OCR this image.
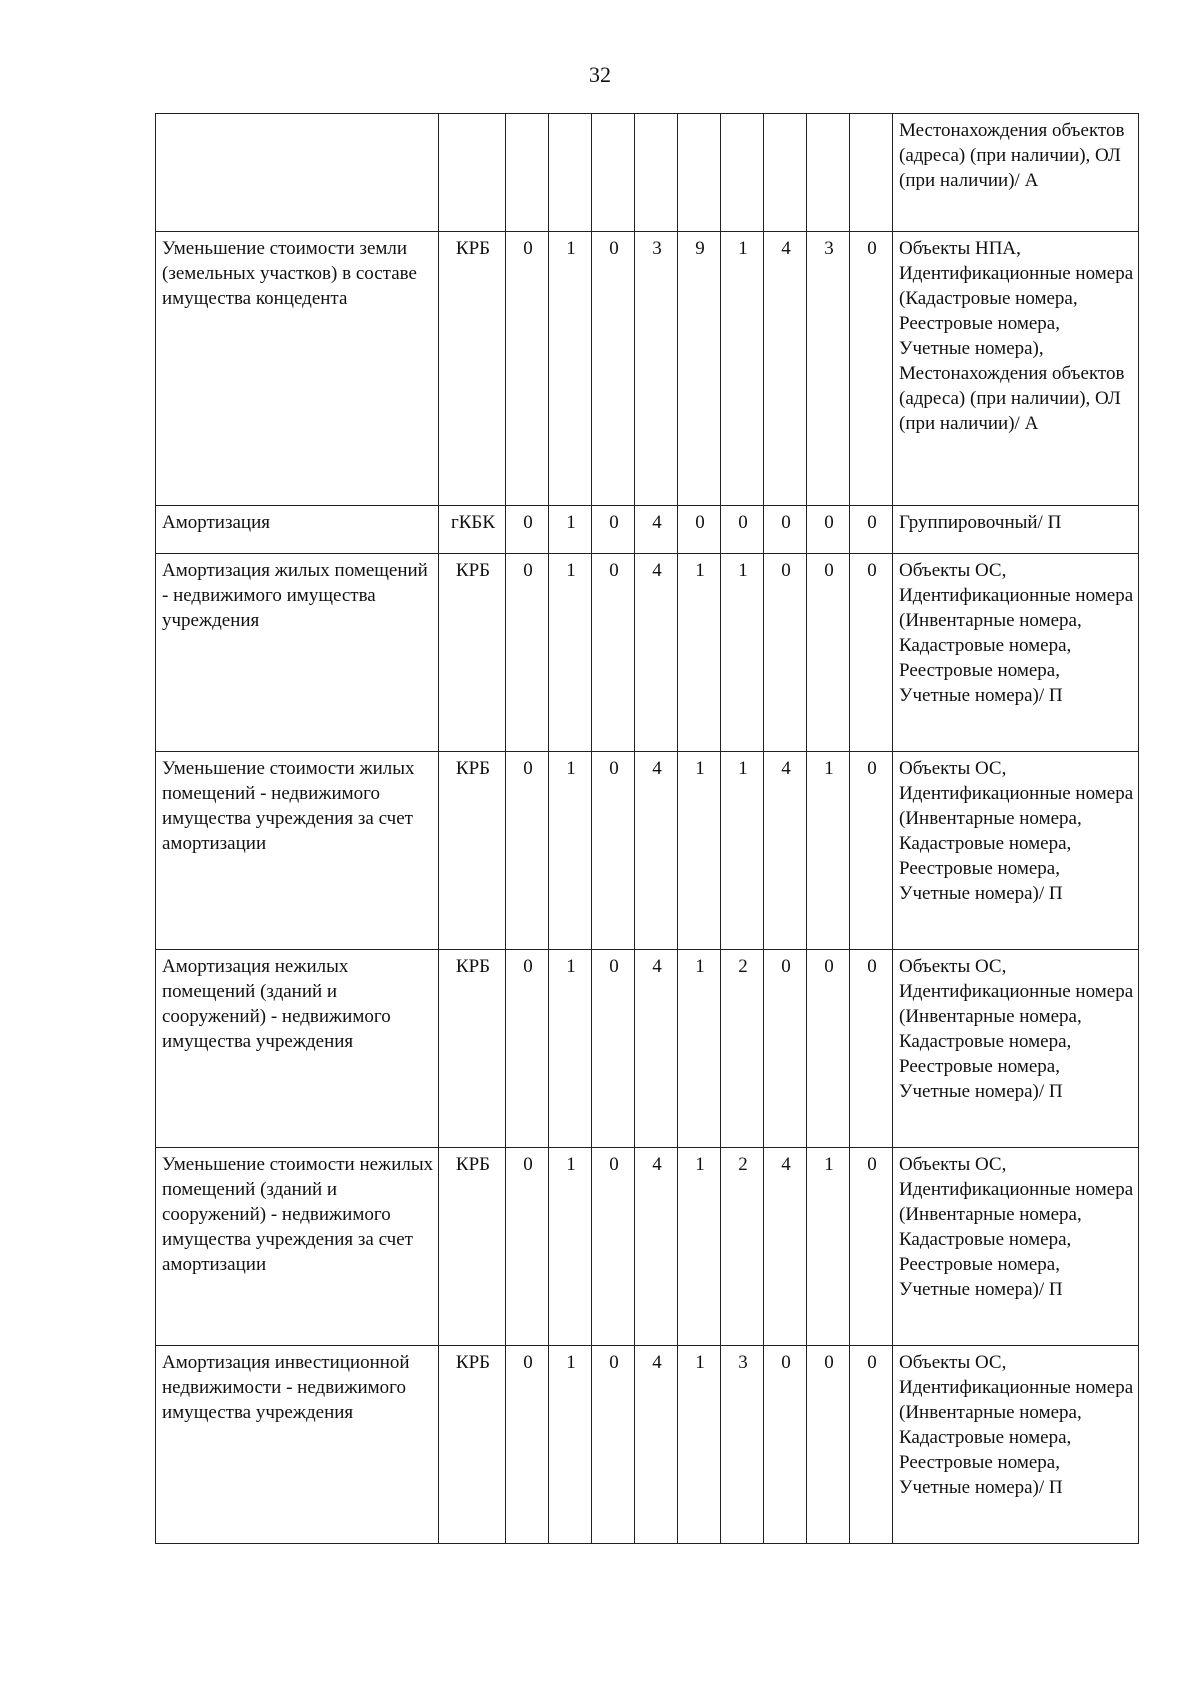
32
											Местонахождения объектов (адреса) (при наличии), ОЛ (при наличии)/ А
Уменьшение стоимости земли (земельных участков) в составе имущества концедента	КРБ	0	1	0	3	9	1	4	3	0	Объекты НПА, Идентификационные номера (Кадастровые номера, Реестровые номера, Учетные номера), Местонахождения объектов (адреса) (при наличии), ОЛ (при наличии)/ А
Амортизация	гКБК	0	1	0	4	0	0	0	0	0	Группировочный/ П
Амортизация жилых помещений - недвижимого имущества учреждения	КРБ	0	1	0	4	1	1	0	0	0	Объекты ОС, Идентификационные номера (Инвентарные номера, Кадастровые номера, Реестровые номера, Учетные номера)/ П
Уменьшение стоимости жилых помещений - недвижимого имущества учреждения за счет амортизации	КРБ	0	1	0	4	1	1	4	1	0	Объекты ОС, Идентификационные номера (Инвентарные номера, Кадастровые номера, Реестровые номера, Учетные номера)/ П
Амортизация нежилых помещений (зданий и сооружений) - недвижимого имущества учреждения	КРБ	0	1	0	4	1	2	0	0	0	Объекты ОС, Идентификационные номера (Инвентарные номера, Кадастровые номера, Реестровые номера, Учетные номера)/ П
Уменьшение стоимости нежилых помещений (зданий и сооружений) - недвижимого имущества учреждения за счет амортизации	КРБ	0	1	0	4	1	2	4	1	0	Объекты ОС, Идентификационные номера (Инвентарные номера, Кадастровые номера, Реестровые номера, Учетные номера)/ П
Амортизация инвестиционной недвижимости - недвижимого имущества учреждения	КРБ	0	1	0	4	1	3	0	0	0	Объекты ОС, Идентификационные номера (Инвентарные номера, Кадастровые номера, Реестровые номера, Учетные номера)/ П
